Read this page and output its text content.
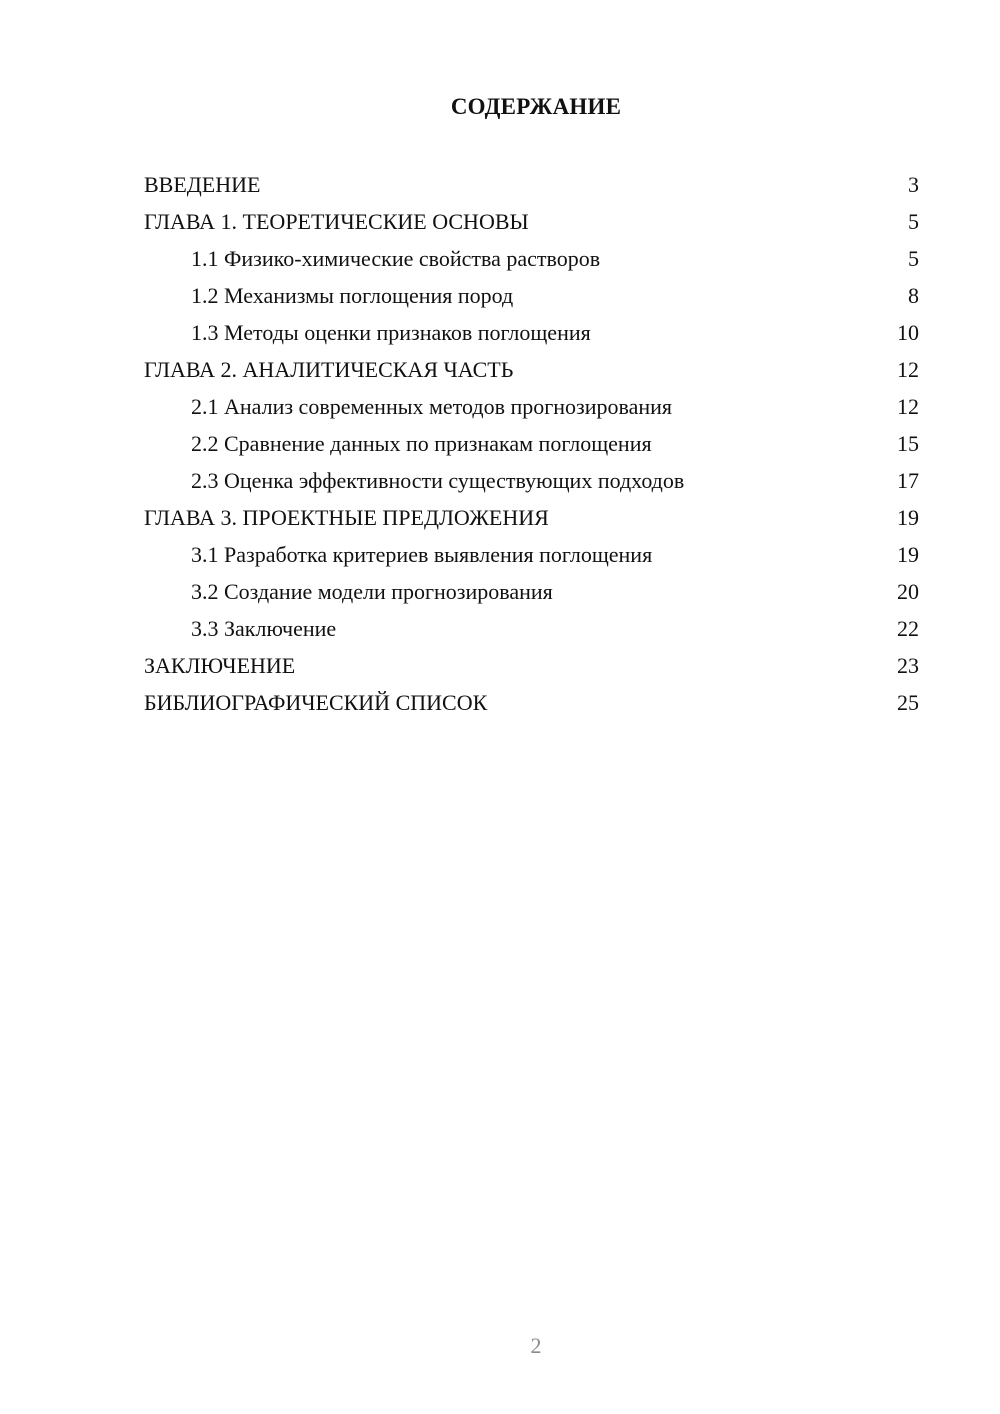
СОДЕРЖАНИЕ
ВВЕДЕНИЕ	3
ГЛАВА 1. ТЕОРЕТИЧЕСКИЕ ОСНОВЫ	5
1.1 Физико-химические свойства растворов	5
1.2 Механизмы поглощения пород	8
1.3 Методы оценки признаков поглощения	10
ГЛАВА 2. АНАЛИТИЧЕСКАЯ ЧАСТЬ	12
2.1 Анализ современных методов прогнозирования	12
2.2 Сравнение данных по признакам поглощения	15
2.3 Оценка эффективности существующих подходов	17
ГЛАВА 3. ПРОЕКТНЫЕ ПРЕДЛОЖЕНИЯ	19
3.1 Разработка критериев выявления поглощения	19
3.2 Создание модели прогнозирования	20
3.3 Заключение	22
ЗАКЛЮЧЕНИЕ	23
БИБЛИОГРАФИЧЕСКИЙ СПИСОК	25
2
